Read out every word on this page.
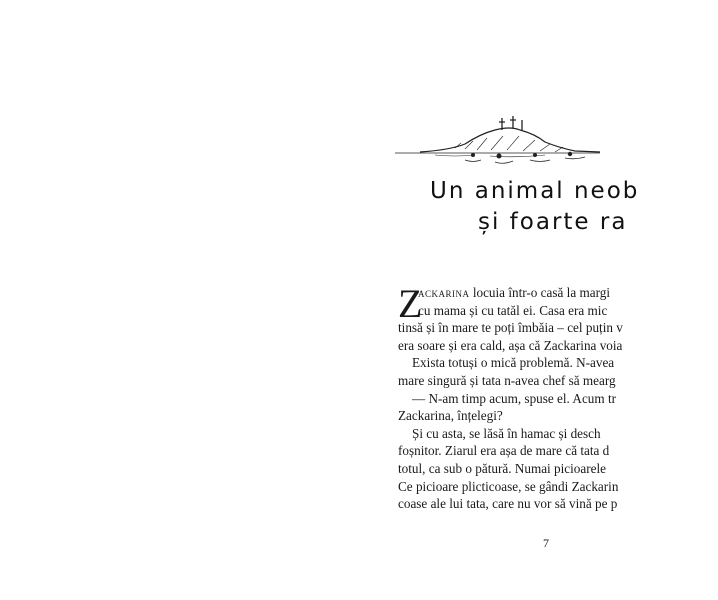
Un animal neob
și foarte ra
Z
ackarina locuia într-o casă la margi
cu mama și cu tatăl ei. Casa era mic
tinsă și în mare te poți îmbăia – cel puțin v
era soare și era cald, așa că Zackarina voia
Exista totuși o mică problemă. N-avea
mare singură și tata n-avea chef să mearg
— N-am timp acum, spuse el. Acum tr
Zackarina, înțelegi?
Și cu asta, se lăsă în hamac și desch
foșnitor. Ziarul era așa de mare că tata d
totul, ca sub o pătură. Numai picioarele
Ce picioare plicticoase, se gândi Zackarin
coase ale lui tata, care nu vor să vină pe p
7
